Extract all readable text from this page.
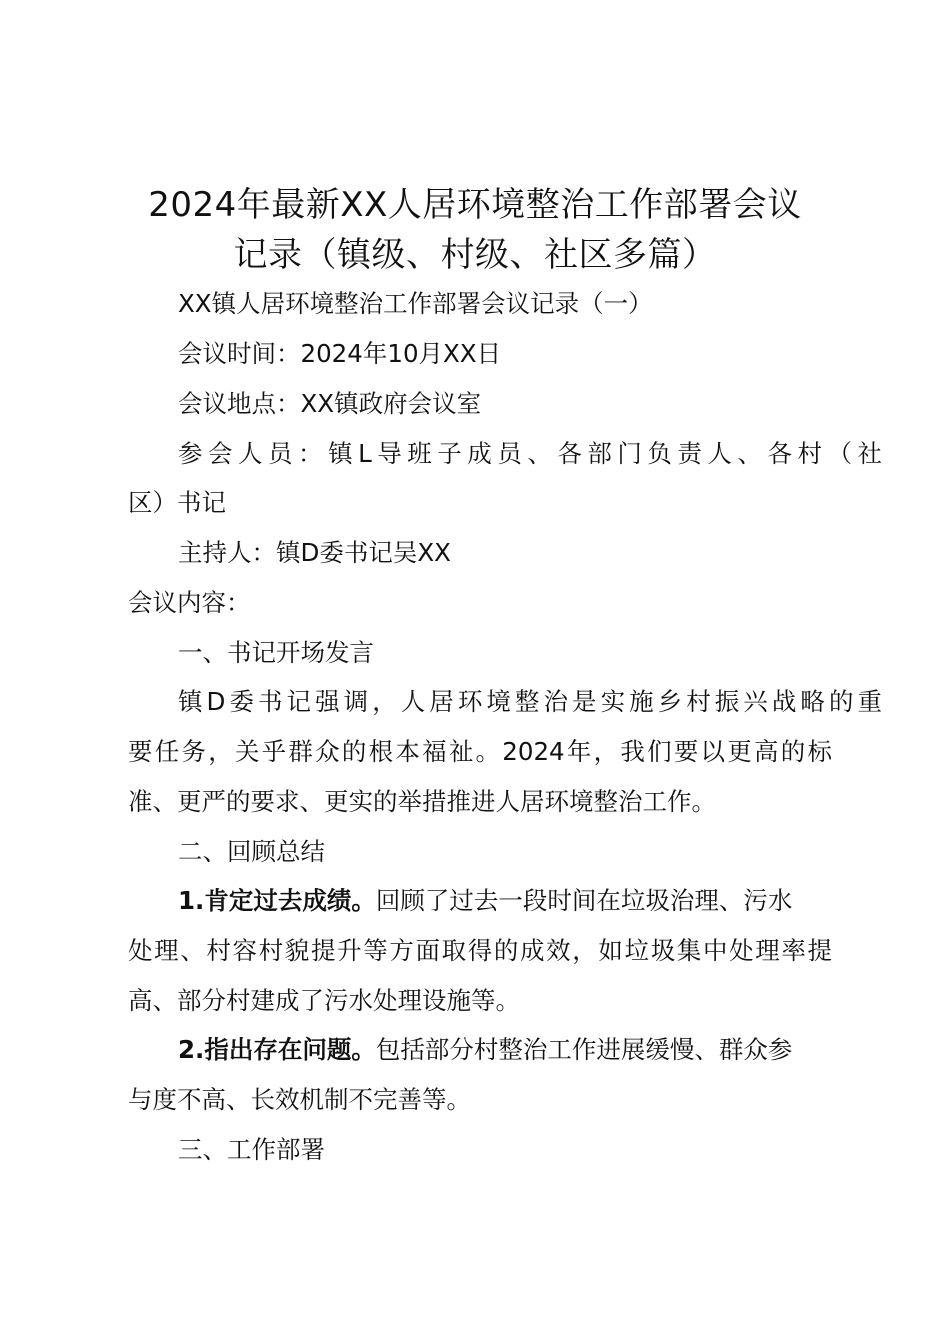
2024年最新XX人居环境整治工作部署会议
记录（镇级、村级、社区多篇）

XX镇人居环境整治工作部署会议记录（一）

会议时间：2024年10月XX日

会议地点：XX镇政府会议室

参会人员：镇L导班子成员、各部门负责人、各村（社

区）书记

主持人：镇D委书记吴XX

会议内容：

一、书记开场发言

镇D委书记强调，人居环境整治是实施乡村振兴战略的重

要任务，关乎群众的根本福祉。2024年，我们要以更高的标

准、更严的要求、更实的举措推进人居环境整治工作。

二、回顾总结

1.肯定过去成绩。回顾了过去一段时间在垃圾治理、污水

处理、村容村貌提升等方面取得的成效，如垃圾集中处理率提

高、部分村建成了污水处理设施等。

2.指出存在问题。包括部分村整治工作进展缓慢、群众参

与度不高、长效机制不完善等。

三、工作部署
